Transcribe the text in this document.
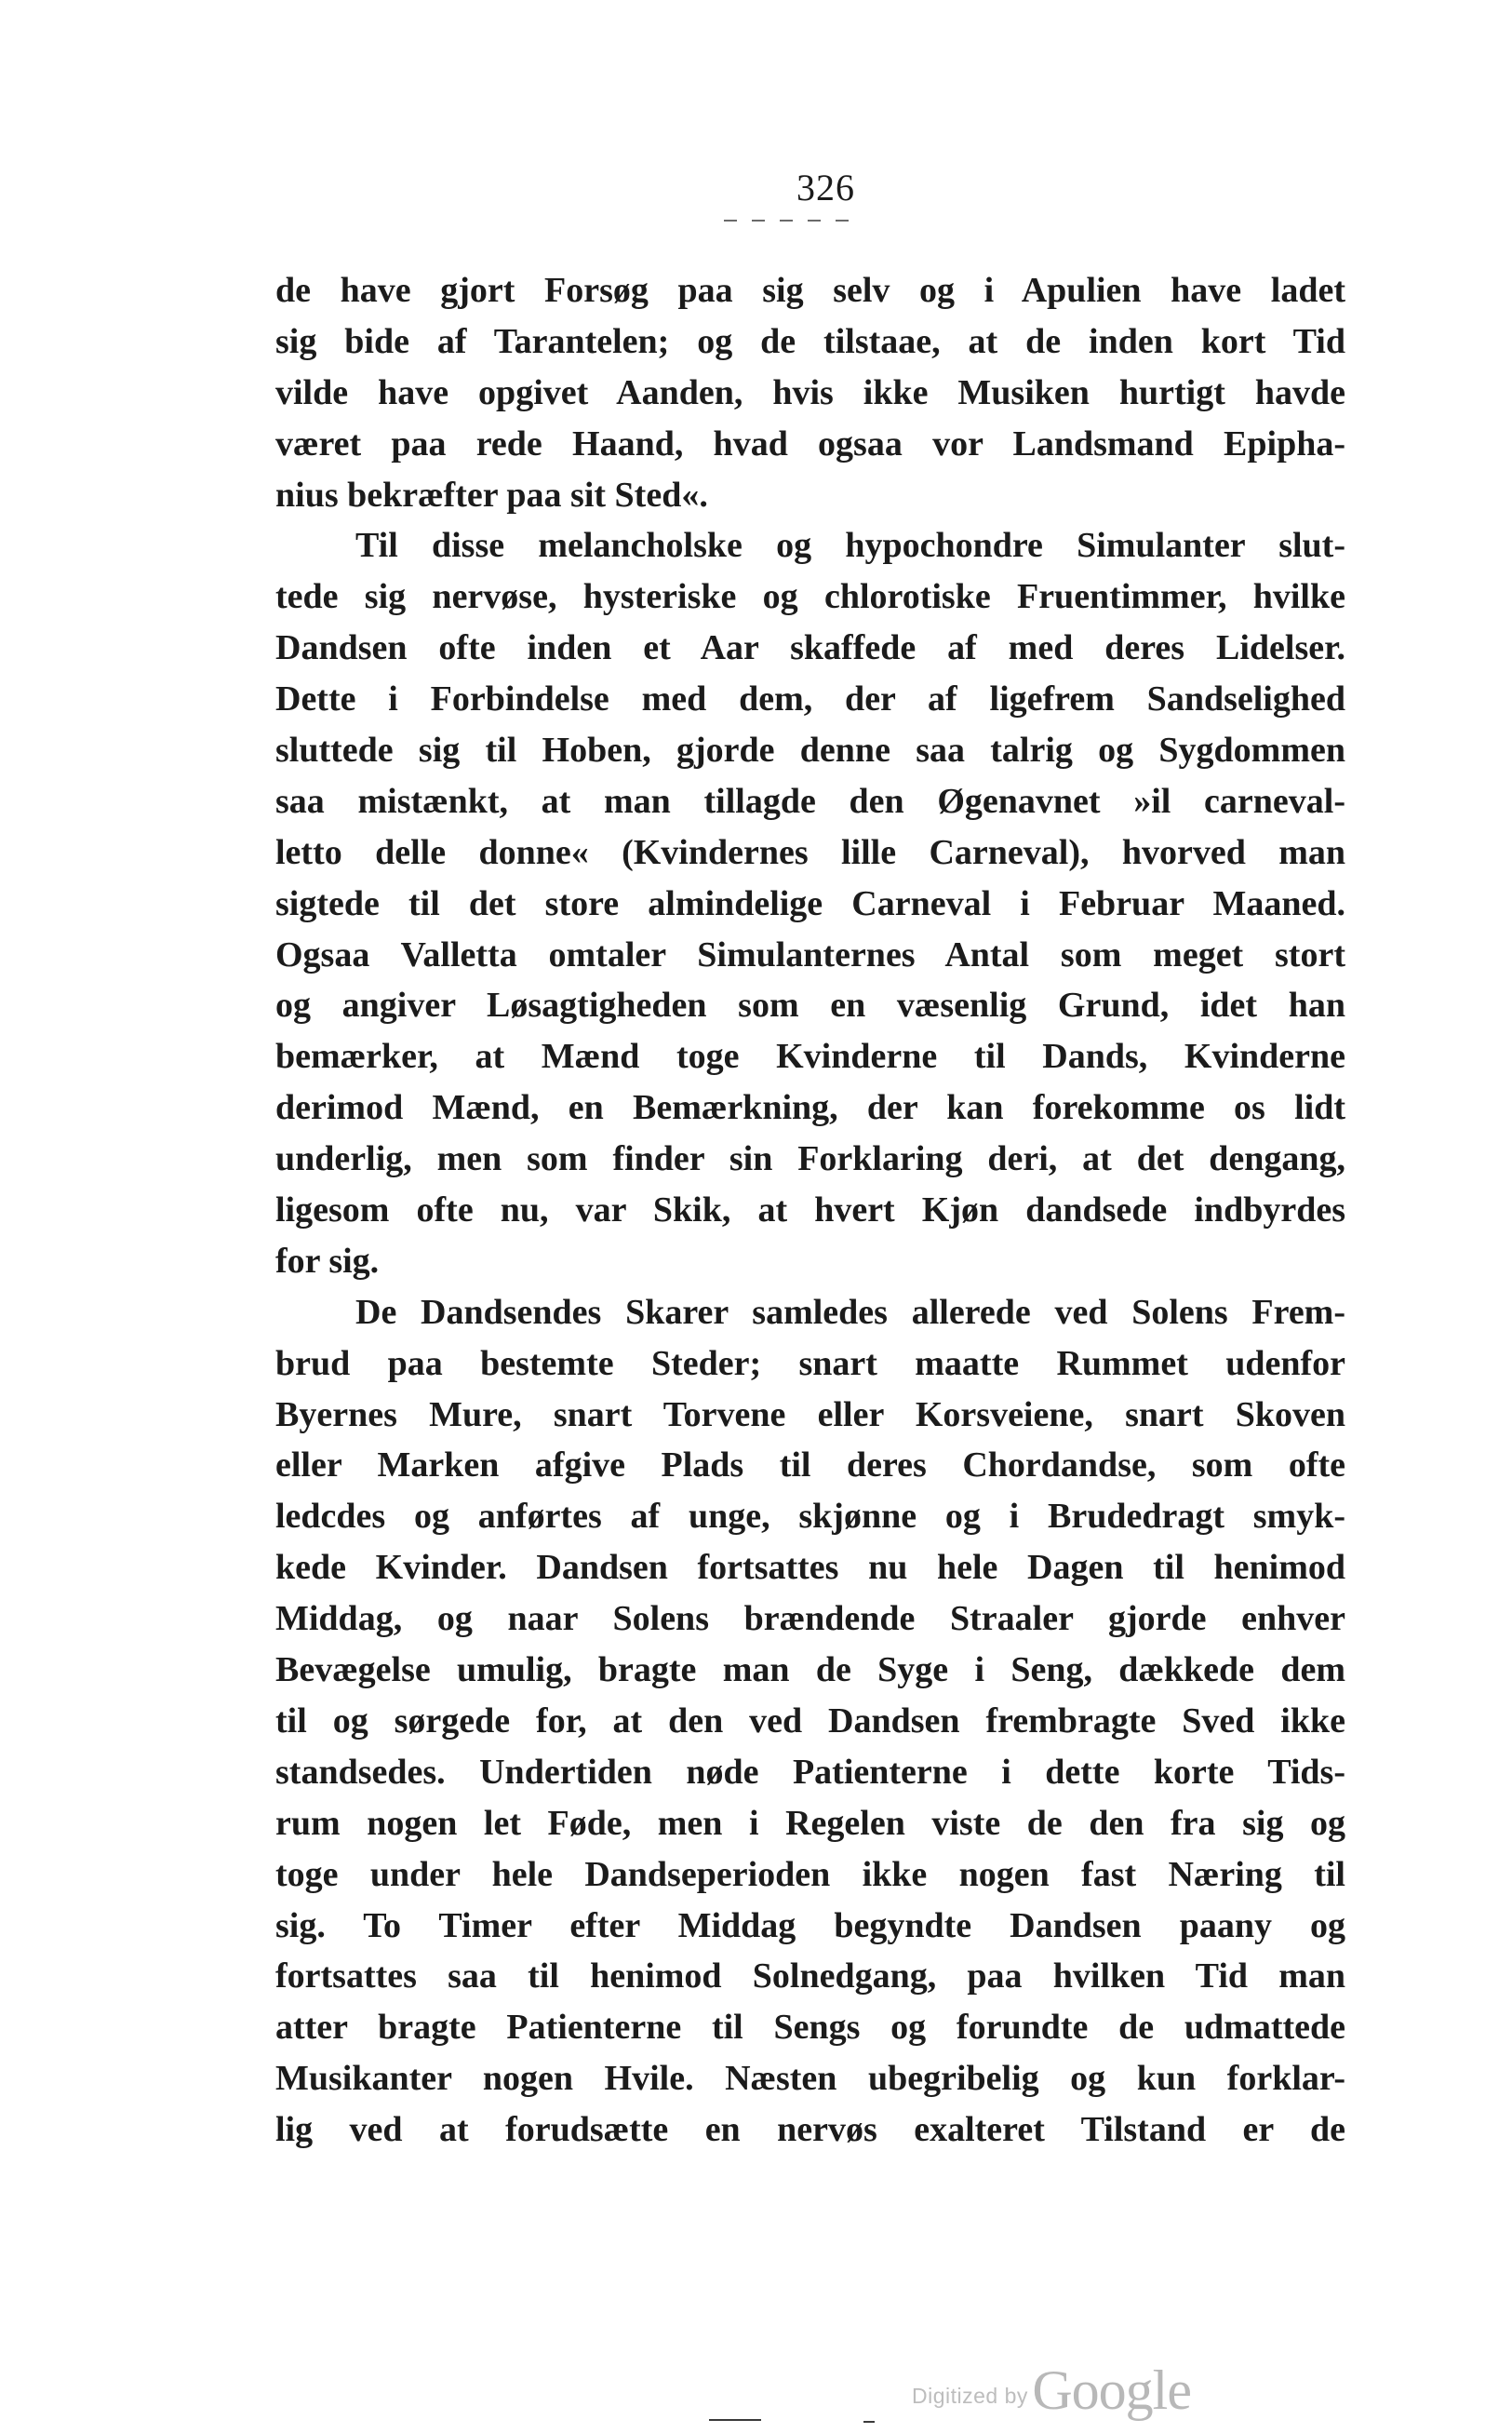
326
de have gjort Forsøg paa sig selv og i Apulien have ladet
sig bide af Tarantelen; og de tilstaae, at de inden kort Tid
vilde have opgivet Aanden, hvis ikke Musiken hurtigt havde
været paa rede Haand, hvad ogsaa vor Landsmand Epipha-
nius bekræfter paa sit Sted«.
Til disse melancholske og hypochondre Simulanter slut-
tede sig nervøse, hysteriske og chlorotiske Fruentimmer, hvilke
Dandsen ofte inden et Aar skaffede af med deres Lidelser.
Dette i Forbindelse med dem, der af ligefrem Sandselighed
sluttede sig til Hoben, gjorde denne saa talrig og Sygdommen
saa mistænkt, at man tillagde den Øgenavnet »il carneval-
letto delle donne« (Kvindernes lille Carneval), hvorved man
sigtede til det store almindelige Carneval i Februar Maaned.
Ogsaa Valletta omtaler Simulanternes Antal som meget stort
og angiver Løsagtigheden som en væsenlig Grund, idet han
bemærker, at Mænd toge Kvinderne til Dands, Kvinderne
derimod Mænd, en Bemærkning, der kan forekomme os lidt
underlig, men som finder sin Forklaring deri, at det dengang,
ligesom ofte nu, var Skik, at hvert Kjøn dandsede indbyrdes
for sig.
De Dandsendes Skarer samledes allerede ved Solens Frem-
brud paa bestemte Steder; snart maatte Rummet udenfor
Byernes Mure, snart Torvene eller Korsveiene, snart Skoven
eller Marken afgive Plads til deres Chordandse, som ofte
ledcdes og anførtes af unge, skjønne og i Brudedragt smyk-
kede Kvinder. Dandsen fortsattes nu hele Dagen til henimod
Middag, og naar Solens brændende Straaler gjorde enhver
Bevægelse umulig, bragte man de Syge i Seng, dækkede dem
til og sørgede for, at den ved Dandsen frembragte Sved ikke
standsedes. Undertiden nøde Patienterne i dette korte Tids-
rum nogen let Føde, men i Regelen viste de den fra sig og
toge under hele Dandseperioden ikke nogen fast Næring til
sig. To Timer efter Middag begyndte Dandsen paany og
fortsattes saa til henimod Solnedgang, paa hvilken Tid man
atter bragte Patienterne til Sengs og forundte de udmattede
Musikanter nogen Hvile. Næsten ubegribelig og kun forklar-
lig ved at forudsætte en nervøs exalteret Tilstand er de
Digitized by Google
